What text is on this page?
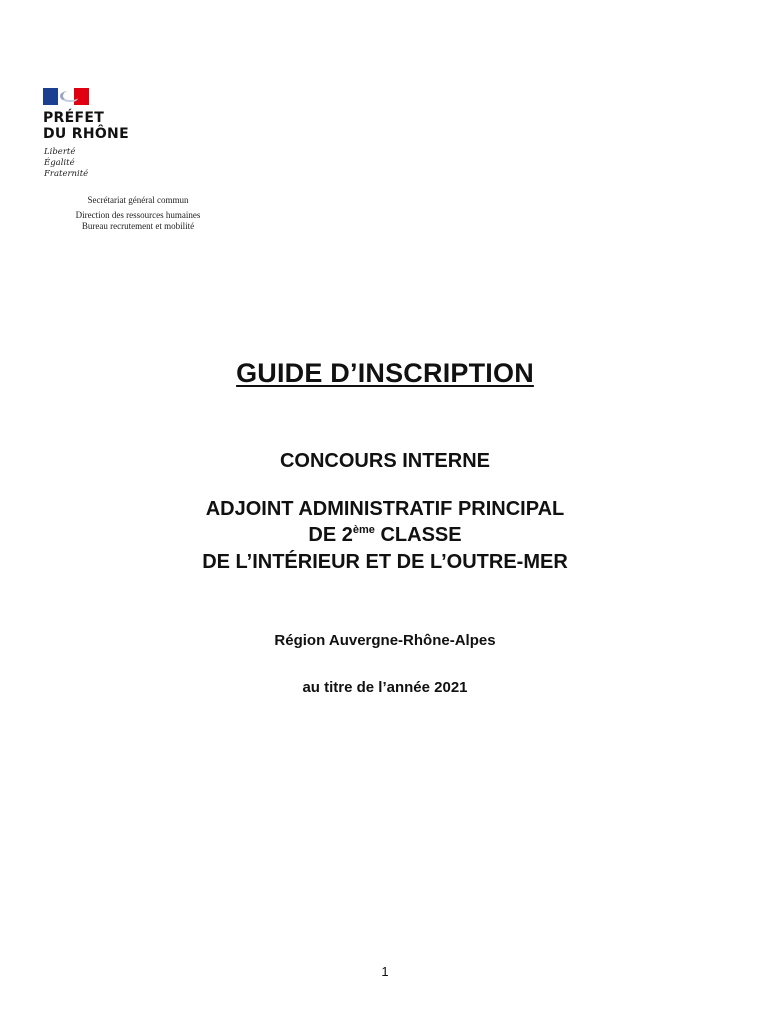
PRÉFET
DU RHÔNE
Liberté
Égalité
Fraternité
Secrétariat général commun
Direction des ressources humaines
Bureau recrutement et mobilité
GUIDE D’INSCRIPTION
CONCOURS INTERNE
ADJOINT ADMINISTRATIF PRINCIPAL
DE 2ème CLASSE
DE L’INTÉRIEUR ET DE L’OUTRE-MER
Région Auvergne-Rhône-Alpes
au titre de l’année 2021
1
